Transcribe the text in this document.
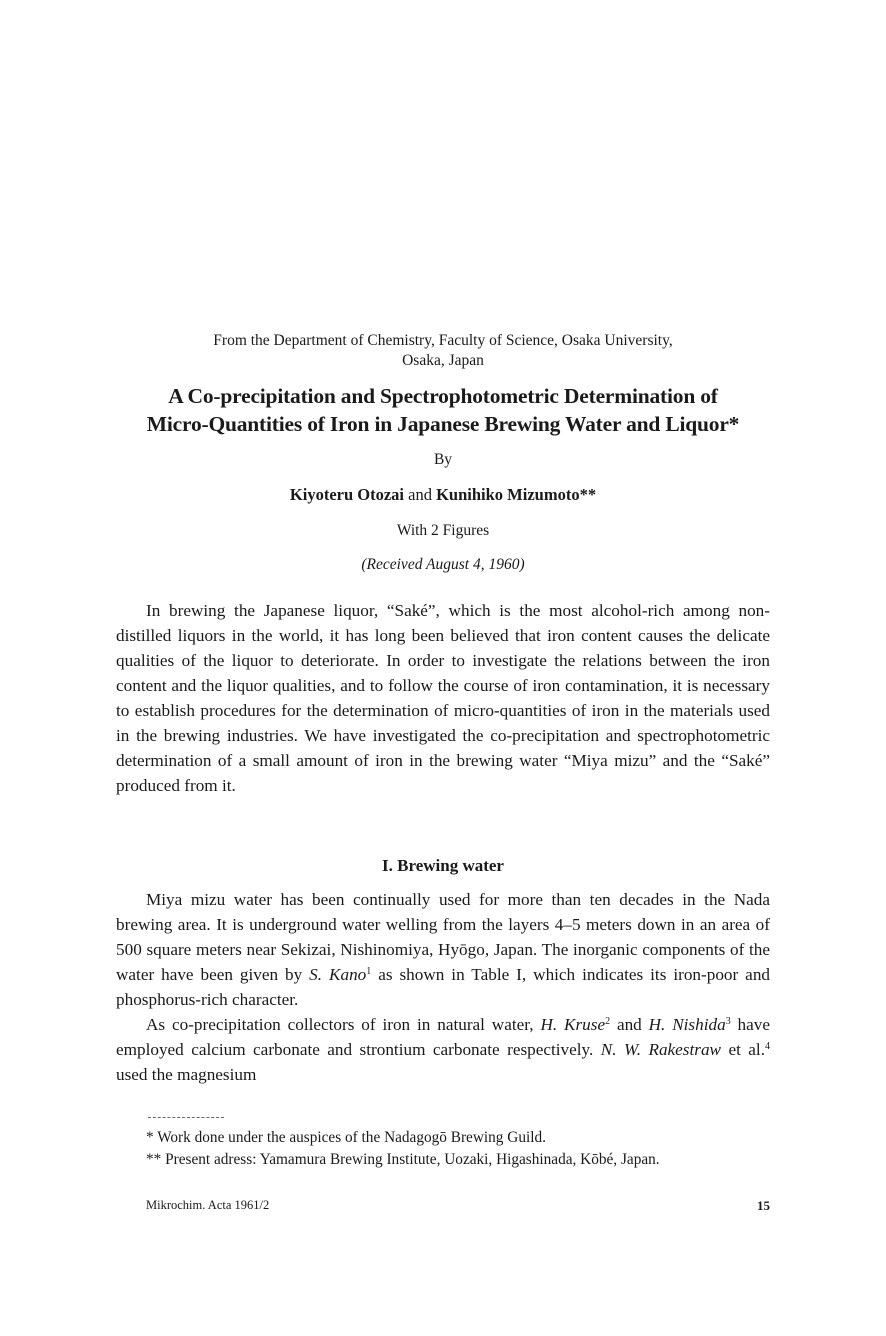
From the Department of Chemistry, Faculty of Science, Osaka University,
Osaka, Japan
A Co-precipitation and Spectrophotometric Determination of
Micro-Quantities of Iron in Japanese Brewing Water and Liquor*
By
Kiyoteru Otozai and Kunihiko Mizumoto**
With 2 Figures
(Received August 4, 1960)

In brewing the Japanese liquor, “Saké”, which is the most alcohol-rich among non-distilled liquors in the world, it has long been believed that iron content causes the delicate qualities of the liquor to deteriorate. In order to investigate the relations between the iron content and the liquor qualities, and to follow the course of iron contamination, it is necessary to establish procedures for the determination of micro-quantities of iron in the materials used in the brewing industries. We have investigated the co-precipitation and spectrophotometric determination of a small amount of iron in the brewing water “Miya mizu” and the “Saké” produced from it.

I. Brewing water

Miya mizu water has been continually used for more than ten decades in the Nada brewing area. It is underground water welling from the layers 4–5 meters down in an area of 500 square meters near Sekizai, Nishinomiya, Hyōgo, Japan. The inorganic components of the water have been given by S. Kano$^1$ as shown in Table I, which indicates its iron-poor and phosphorus-rich character.

As co-precipitation collectors of iron in natural water, H. Kruse$^2$ and H. Nishida$^3$ have employed calcium carbonate and strontium carbonate respectively. N. W. Rakestraw et al.$^4$ used the magnesium

* Work done under the auspices of the Nadagogō Brewing Guild.

** Present adress: Yamamura Brewing Institute, Uozaki, Higashinada, Kōbé, Japan.

Mikrochim. Acta 1961/2	15
